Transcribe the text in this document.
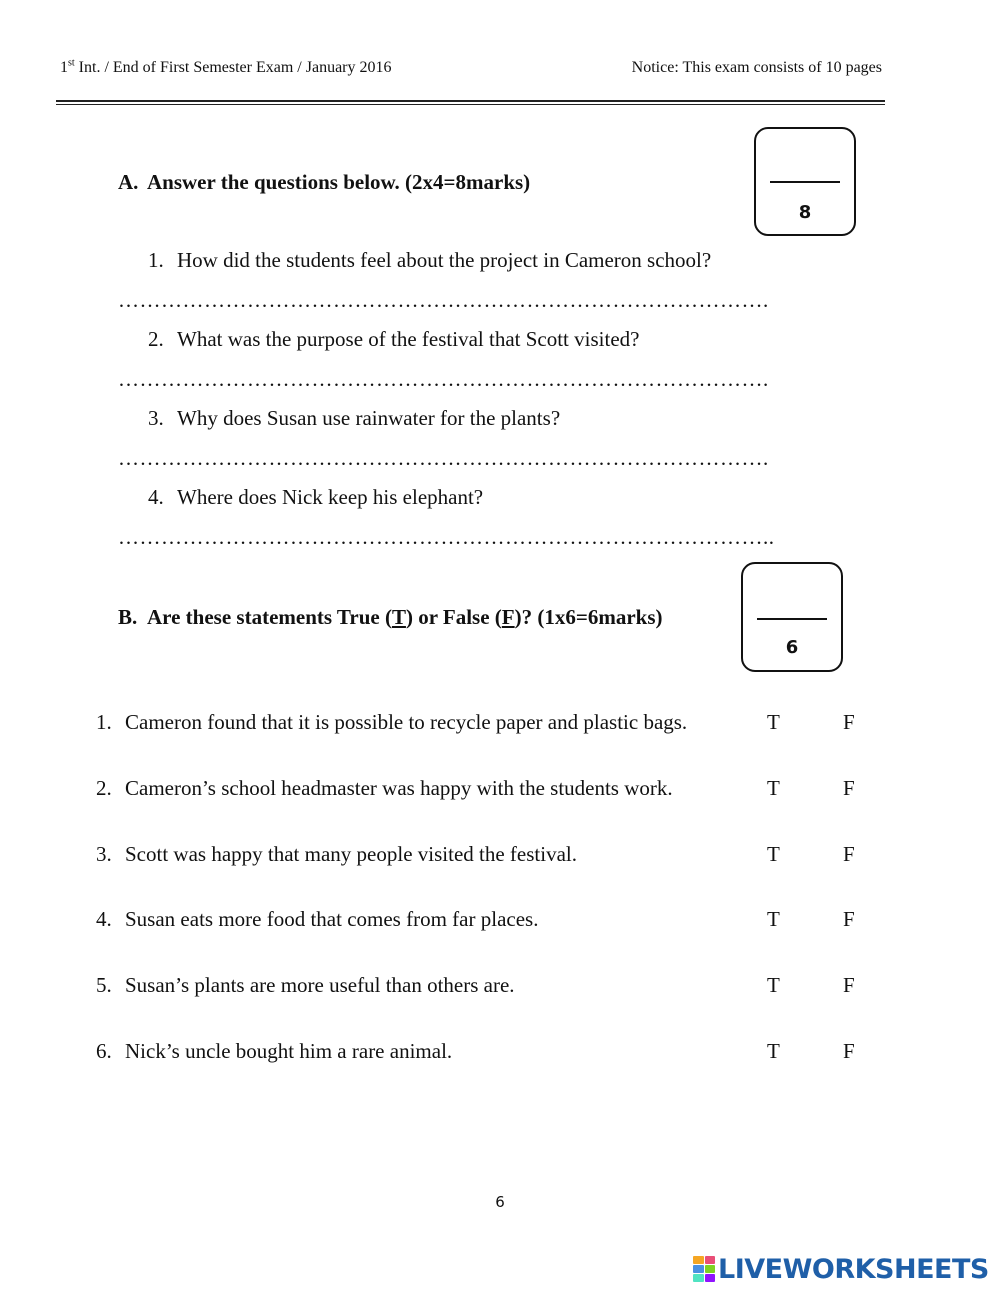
1st Int. / End of First Semester Exam / January 2016	Notice: This exam consists of 10 pages
A. Answer the questions below. (2x4=8marks)
8
1. How did the students feel about the project in Cameron school?
……………………………………………………………………………….
2. What was the purpose of the festival that Scott visited?
……………………………………………………………………………….
3. Why does Susan use rainwater for the plants?
……………………………………………………………………………….
4. Where does Nick keep his elephant?
………………………………………………………………………………..
B. Are these statements True (T) or False (F)? (1x6=6marks)
6
1. Cameron found that it is possible to recycle paper and plastic bags.	T	F
2. Cameron’s school headmaster was happy with the students work.	T	F
3. Scott was happy that many people visited the festival.	T	F
4. Susan eats more food that comes from far places.	T	F
5. Susan’s plants are more useful than others are.	T	F
6. Nick’s uncle bought him a rare animal.	T	F
6
LIVEWORKSHEETS
